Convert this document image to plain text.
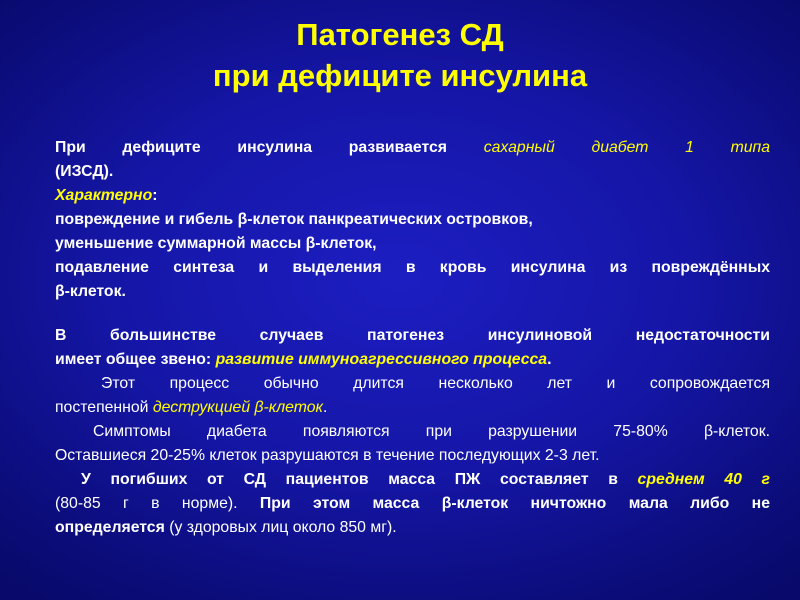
Патогенез СД
при дефиците инсулина
При дефиците инсулина развивается сахарный диабет 1 типа
(ИЗСД).
Характерно:
повреждение и гибель β-клеток панкреатических островков,
уменьшение суммарной массы β-клеток,
подавление синтеза и выделения в кровь инсулина из повреждённых
β-клеток.
В большинстве случаев патогенез инсулиновой недостаточности
имеет общее звено: развитие иммуноагрессивного процесса.
Этот процесс обычно длится несколько лет и сопровождается
постепенной деструкцией β-клеток.
Симптомы диабета появляются при разрушении 75-80% β-клеток.
Оставшиеся 20-25% клеток разрушаются в течение последующих 2-3 лет.
У погибших от СД пациентов масса ПЖ составляет в среднем 40 г
(80-85 г в норме). При этом масса β-клеток ничтожно мала либо не
определяется (у здоровых лиц около 850 мг).
